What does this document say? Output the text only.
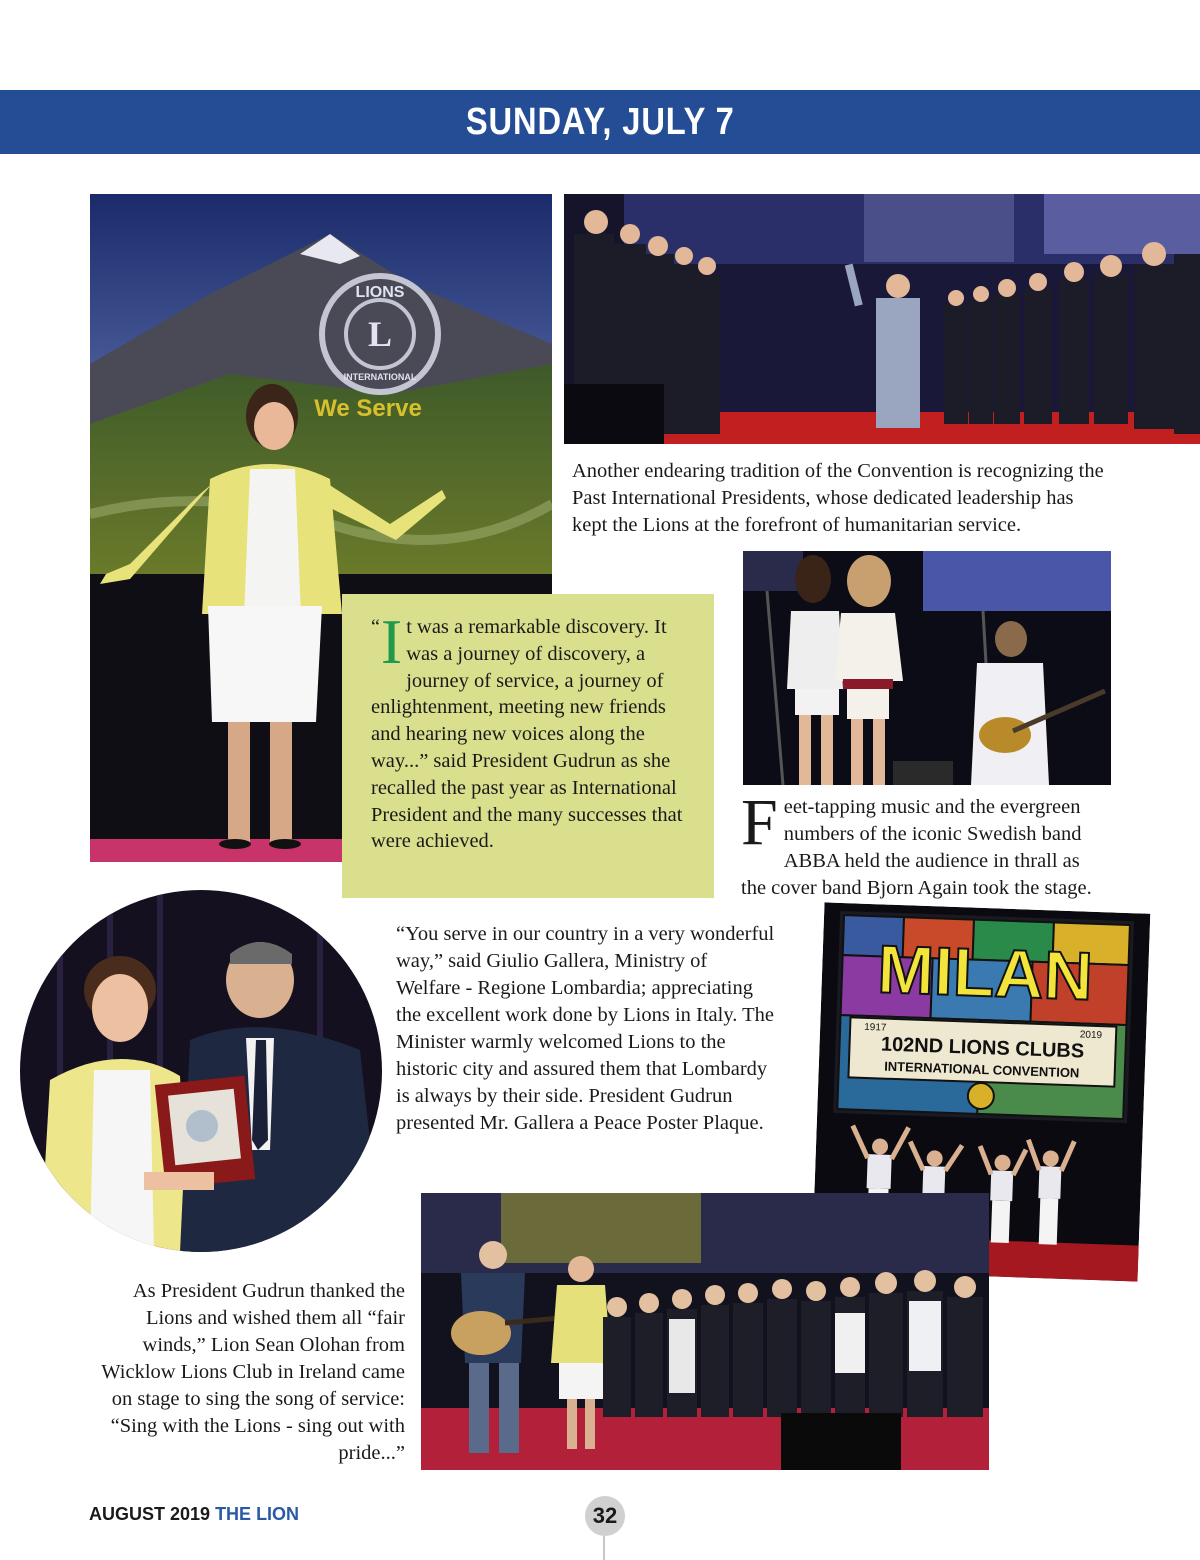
SUNDAY, JULY 7
LIONS
L
INTERNATIONAL
We Serve
Another endearing tradition of the Convention is recognizing the Past International Presidents, whose dedicated leadership has kept the Lions at the forefront of humanitarian service.
Feet-tapping music and the evergreen numbers of the iconic Swedish band ABBA held the audience in thrall as the cover band Bjorn Again took the stage.
“ I t was a remarkable discovery. It was a journey of discovery, a journey of service, a journey of enlightenment, meeting new friends and hearing new voices along the way...” said President Gudrun as she recalled the past year as International President and the many successes that were achieved.
“You serve in our country in a very wonderful way,” said Giulio Gallera, Ministry of Welfare - Regione Lombardia; appreciating the excellent work done by Lions in Italy. The Minister warmly welcomed Lions to the historic city and assured them that Lombardy is always by their side. President Gudrun presented Mr. Gallera a Peace Poster Plaque.
MILAN
1917
2019
102ND LIONS CLUBS
INTERNATIONAL CONVENTION
As President Gudrun thanked the Lions and wished them all “fair winds,” Lion Sean Olohan from Wicklow Lions Club in Ireland came on stage to sing the song of service: “Sing with the Lions - sing out with pride...”
AUGUST 2019 THE LION	32
